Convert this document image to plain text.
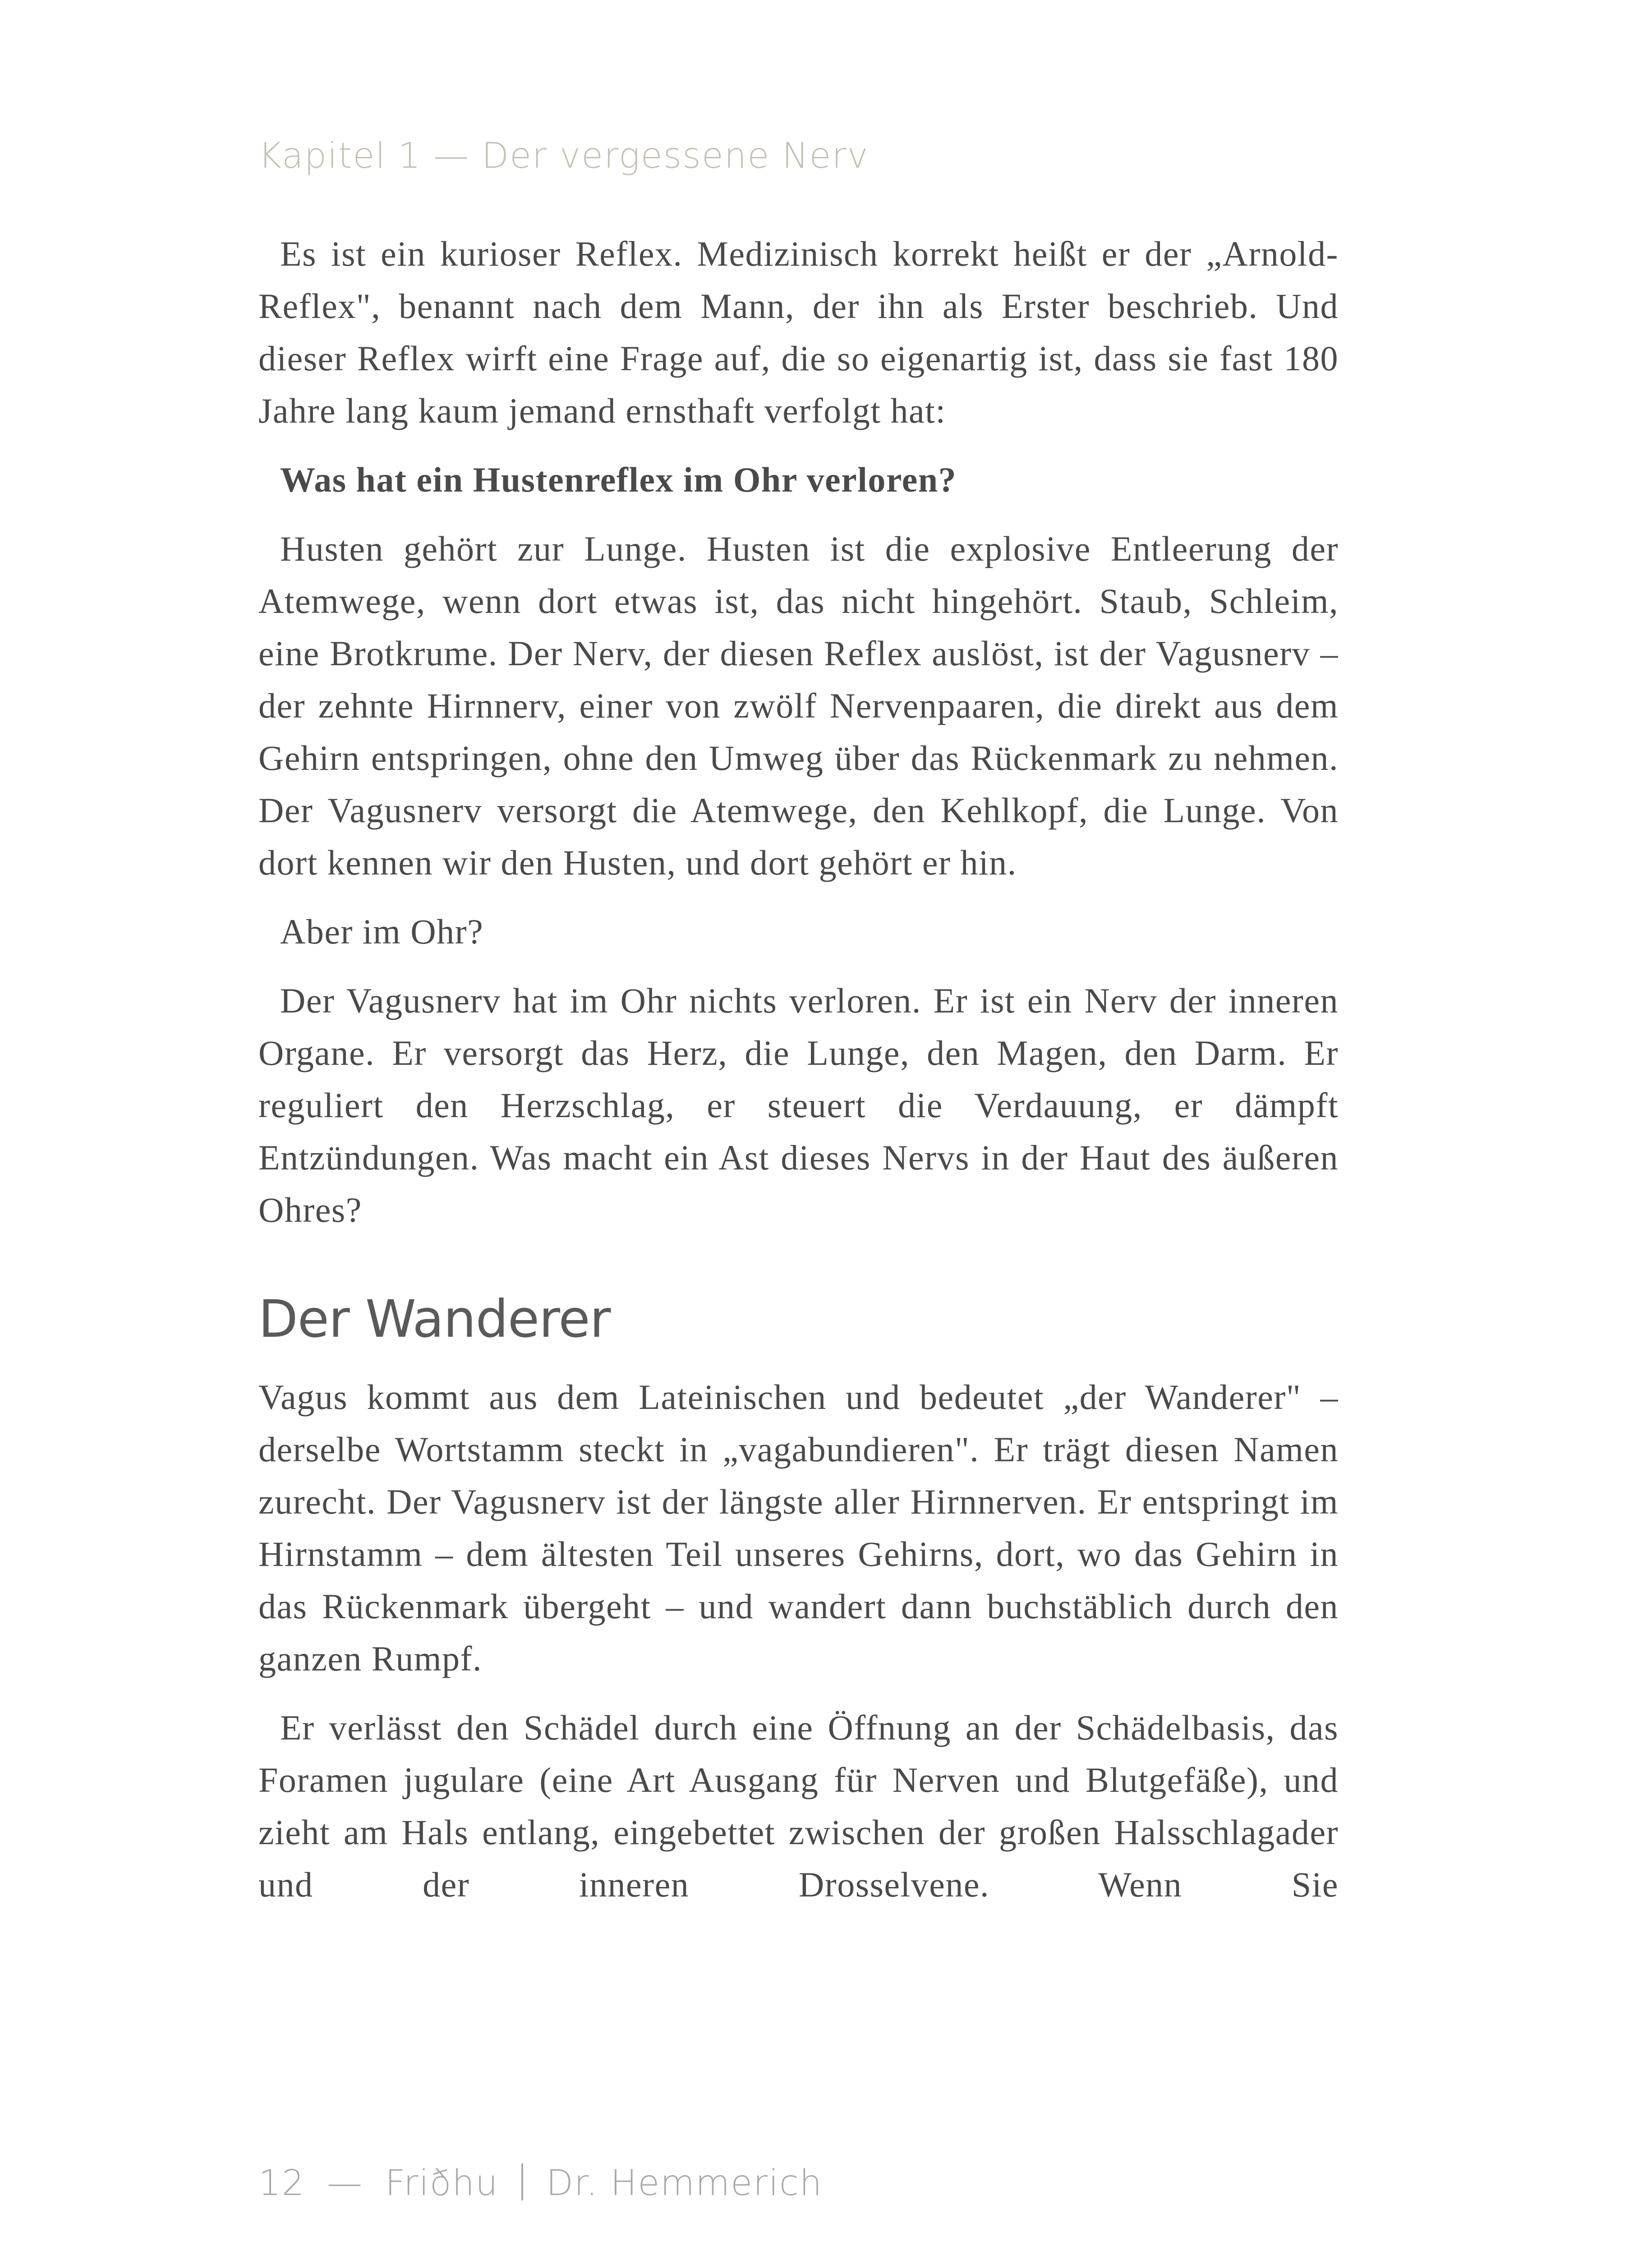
Kapitel 1 — Der vergessene Nerv

Es ist ein kurioser Reflex. Medizinisch korrekt heißt er der „Arnold-Reflex", benannt nach dem Mann, der ihn als Erster beschrieb. Und dieser Reflex wirft eine Frage auf, die so eigenartig ist, dass sie fast 180 Jahre lang kaum jemand ernsthaft verfolgt hat:

Was hat ein Hustenreflex im Ohr verloren?

Husten gehört zur Lunge. Husten ist die explosive Entleerung der Atemwege, wenn dort etwas ist, das nicht hingehört. Staub, Schleim, eine Brotkrume. Der Nerv, der diesen Reflex auslöst, ist der Vagusnerv – der zehnte Hirnnerv, einer von zwölf Nervenpaaren, die direkt aus dem Gehirn entspringen, ohne den Umweg über das Rückenmark zu nehmen. Der Vagusnerv versorgt die Atemwege, den Kehlkopf, die Lunge. Von dort kennen wir den Husten, und dort gehört er hin.

Aber im Ohr?

Der Vagusnerv hat im Ohr nichts verloren. Er ist ein Nerv der inneren Organe. Er versorgt das Herz, die Lunge, den Magen, den Darm. Er reguliert den Herzschlag, er steuert die Verdauung, er dämpft Entzündungen. Was macht ein Ast dieses Nervs in der Haut des äußeren Ohres?

Der Wanderer

Vagus kommt aus dem Lateinischen und bedeutet „der Wanderer" – derselbe Wortstamm steckt in „vagabundieren". Er trägt diesen Namen zurecht. Der Vagusnerv ist der längste aller Hirnnerven. Er entspringt im Hirnstamm – dem ältesten Teil unseres Gehirns, dort, wo das Gehirn in das Rückenmark übergeht – und wandert dann buchstäblich durch den ganzen Rumpf.

Er verlässt den Schädel durch eine Öffnung an der Schädelbasis, das Foramen jugulare (eine Art Ausgang für Nerven und Blutgefäße), und zieht am Hals entlang, eingebettet zwischen der großen Halsschlagader und der inneren Drosselvene. Wenn Sie

12 — Friðhu Dr. Hemmerich
